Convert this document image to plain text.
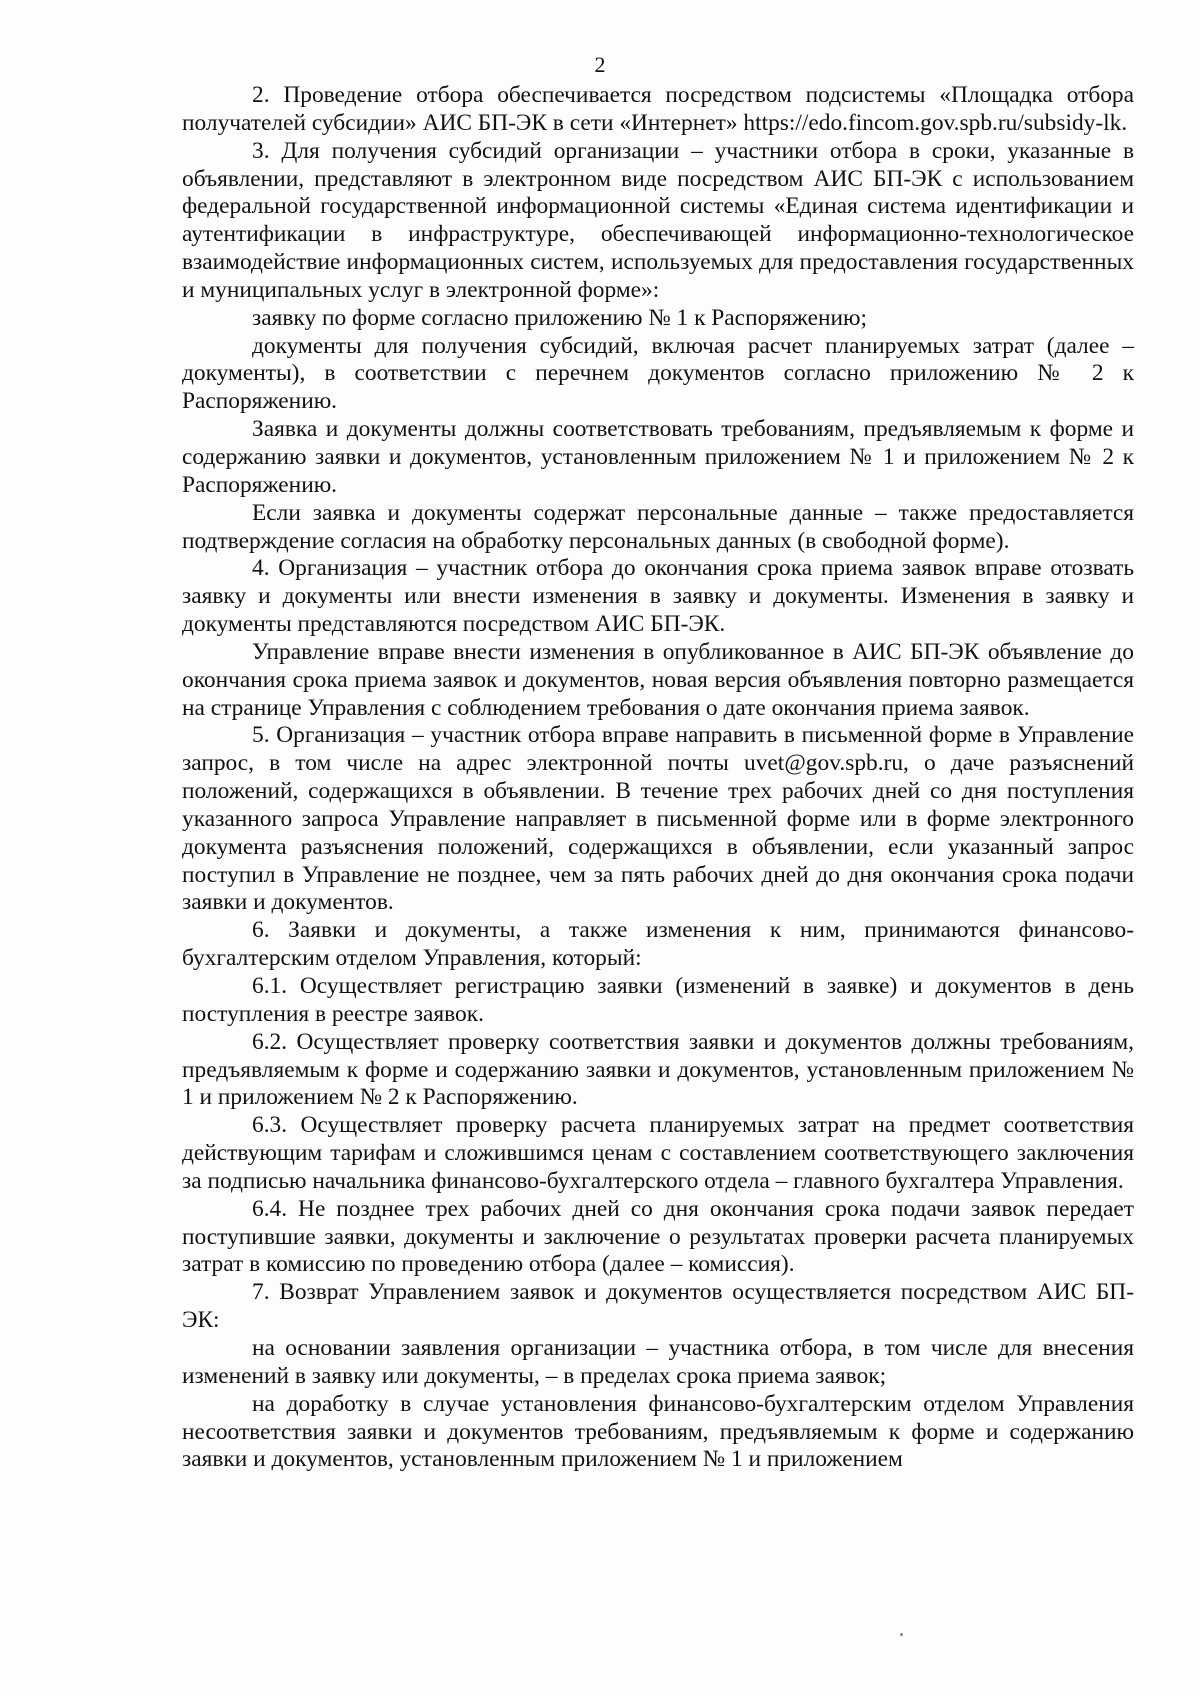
2

2. Проведение отбора обеспечивается посредством подсистемы «Площадка отбора получателей субсидии» АИС БП-ЭК в сети «Интернет» https://edo.fincom.gov.spb.ru/subsidy-lk.

3. Для получения субсидий организации – участники отбора в сроки, указанные в объявлении, представляют в электронном виде посредством АИС БП-ЭК с использованием федеральной государственной информационной системы «Единая система идентификации и аутентификации в инфраструктуре, обеспечивающей информационно-технологическое взаимодействие информационных систем, используемых для предоставления государственных и муниципальных услуг в электронной форме»:

заявку по форме согласно приложению № 1 к Распоряжению;

документы для получения субсидий, включая расчет планируемых затрат (далее – документы), в соответствии с перечнем документов согласно приложению № 2 к Распоряжению.

Заявка и документы должны соответствовать требованиям, предъявляемым к форме и содержанию заявки и документов, установленным приложением № 1 и приложением № 2 к Распоряжению.

Если заявка и документы содержат персональные данные – также предоставляется подтверждение согласия на обработку персональных данных (в свободной форме).

4. Организация – участник отбора до окончания срока приема заявок вправе отозвать заявку и документы или внести изменения в заявку и документы. Изменения в заявку и документы представляются посредством АИС БП-ЭК.

Управление вправе внести изменения в опубликованное в АИС БП-ЭК объявление до окончания срока приема заявок и документов, новая версия объявления повторно размещается на странице Управления с соблюдением требования о дате окончания приема заявок.

5. Организация – участник отбора вправе направить в письменной форме в Управление запрос, в том числе на адрес электронной почты uvet@gov.spb.ru, о даче разъяснений положений, содержащихся в объявлении. В течение трех рабочих дней со дня поступления указанного запроса Управление направляет в письменной форме или в форме электронного документа разъяснения положений, содержащихся в объявлении, если указанный запрос поступил в Управление не позднее, чем за пять рабочих дней до дня окончания срока подачи заявки и документов.

6. Заявки и документы, а также изменения к ним, принимаются финансово-бухгалтерским отделом Управления, который:

6.1. Осуществляет регистрацию заявки (изменений в заявке) и документов в день поступления в реестре заявок.

6.2. Осуществляет проверку соответствия заявки и документов должны требованиям, предъявляемым к форме и содержанию заявки и документов, установленным приложением № 1 и приложением № 2 к Распоряжению.

6.3. Осуществляет проверку расчета планируемых затрат на предмет соответствия действующим тарифам и сложившимся ценам с составлением соответствующего заключения за подписью начальника финансово-бухгалтерского отдела – главного бухгалтера Управления.

6.4. Не позднее трех рабочих дней со дня окончания срока подачи заявок передает поступившие заявки, документы и заключение о результатах проверки расчета планируемых затрат в комиссию по проведению отбора (далее – комиссия).

7. Возврат Управлением заявок и документов осуществляется посредством АИС БП-ЭК:

на основании заявления организации – участника отбора, в том числе для внесения изменений в заявку или документы, – в пределах срока приема заявок;

на доработку в случае установления финансово-бухгалтерским отделом Управления несоответствия заявки и документов требованиям, предъявляемым к форме и содержанию заявки и документов, установленным приложением № 1 и приложением
